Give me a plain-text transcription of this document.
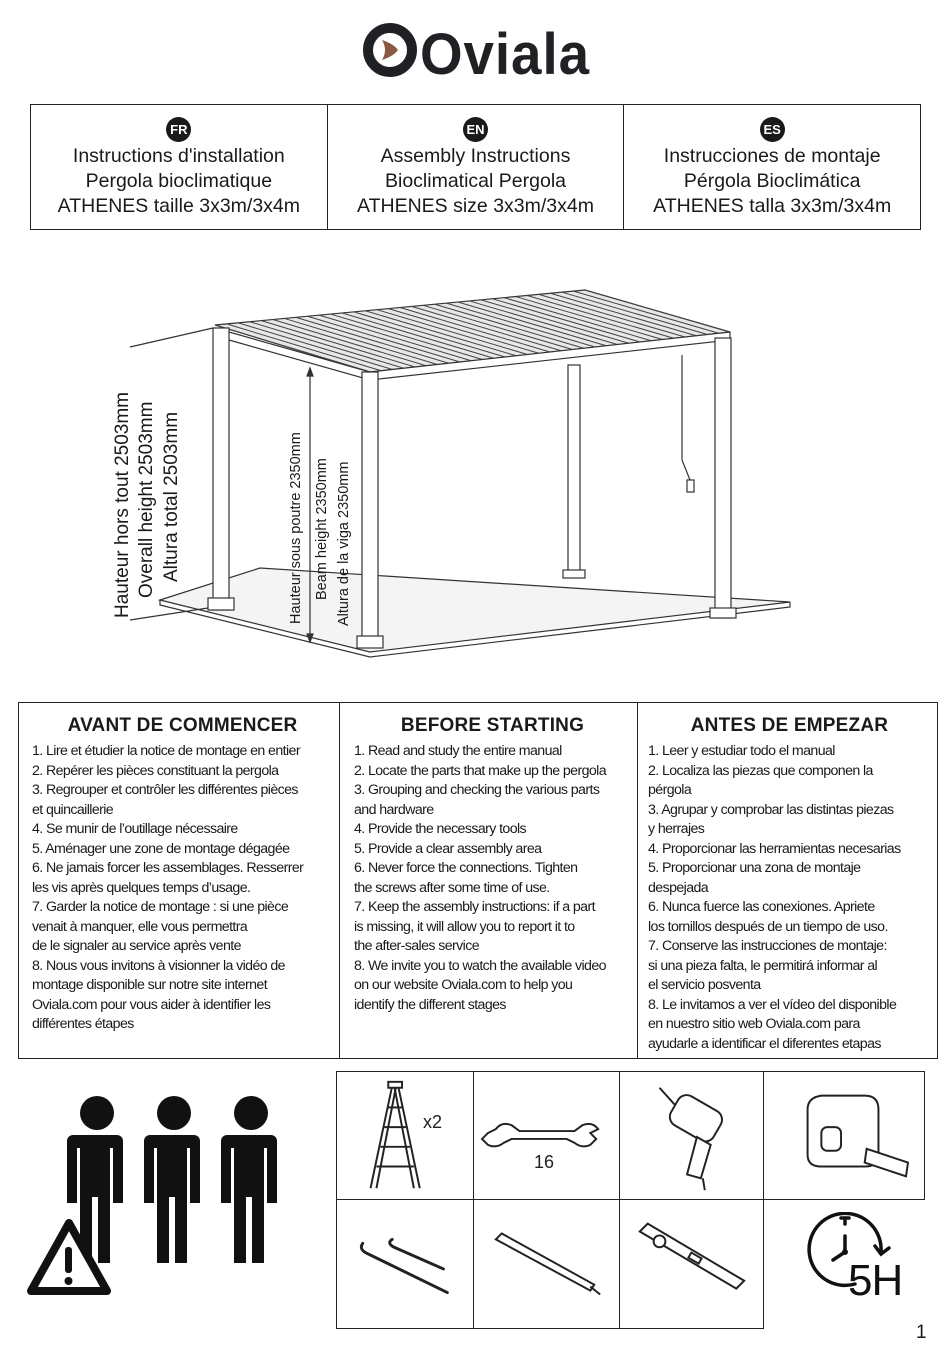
Oviala
FR
Instructions d'installation
Pergola bioclimatique
ATHENES taille 3x3m/3x4m
EN
Assembly Instructions
Bioclimatical Pergola
ATHENES size 3x3m/3x4m
ES
Instrucciones de montaje
Pérgola Bioclimática
ATHENES talla 3x3m/3x4m
Hauteur hors tout 2503mm Overall height 2503mm Altura total 2503mm	Hauteur sous poutre 2350mm Beam height 2350mm Altura de la viga 2350mm
AVANT DE COMMENCER
1. Lire et étudier la notice de montage en entier
2. Repérer les pièces constituant la pergola
3. Regrouper et contrôler les différentes pièces
et quincaillerie
4. Se munir de l’outillage nécessaire
5. Aménager une zone de montage dégagée
6. Ne jamais forcer les assemblages. Resserrer
les vis après quelques temps d’usage.
7. Garder la notice de montage : si une pièce
venait à manquer, elle vous permettra
de le signaler au service après vente
8. Nous vous invitons à visionner la vidéo de
montage disponible sur notre site internet
Oviala.com pour vous aider à identifier les
différentes étapes
BEFORE STARTING
1. Read and study the entire manual
2. Locate the parts that make up the pergola
3. Grouping and checking the various parts
and hardware
4. Provide the necessary tools
5. Provide a clear assembly area
6. Never force the connections. Tighten
the screws after some time of use.
7. Keep the assembly instructions: if a part
is missing, it will allow you to report it to
the after-sales service
8. We invite you to watch the available video
on our website Oviala.com to help you
identify the different stages
ANTES DE EMPEZAR
1. Leer y estudiar todo el manual
2. Localiza las piezas que componen la
pérgola
3. Agrupar y comprobar las distintas piezas
y herrajes
4. Proporcionar las herramientas necesarias
5. Proporcionar una zona de montaje
despejada
6. Nunca fuerce las conexiones. Apriete
los tornillos después de un tiempo de uso.
7. Conserve las instrucciones de montaje:
si una pieza falta, le permitirá informar al
el servicio posventa
8. Le invitamos a ver el vídeo del disponible
en nuestro sitio web Oviala.com para
ayudarle a identificar el diferentes etapas
x2
16
5H
1
